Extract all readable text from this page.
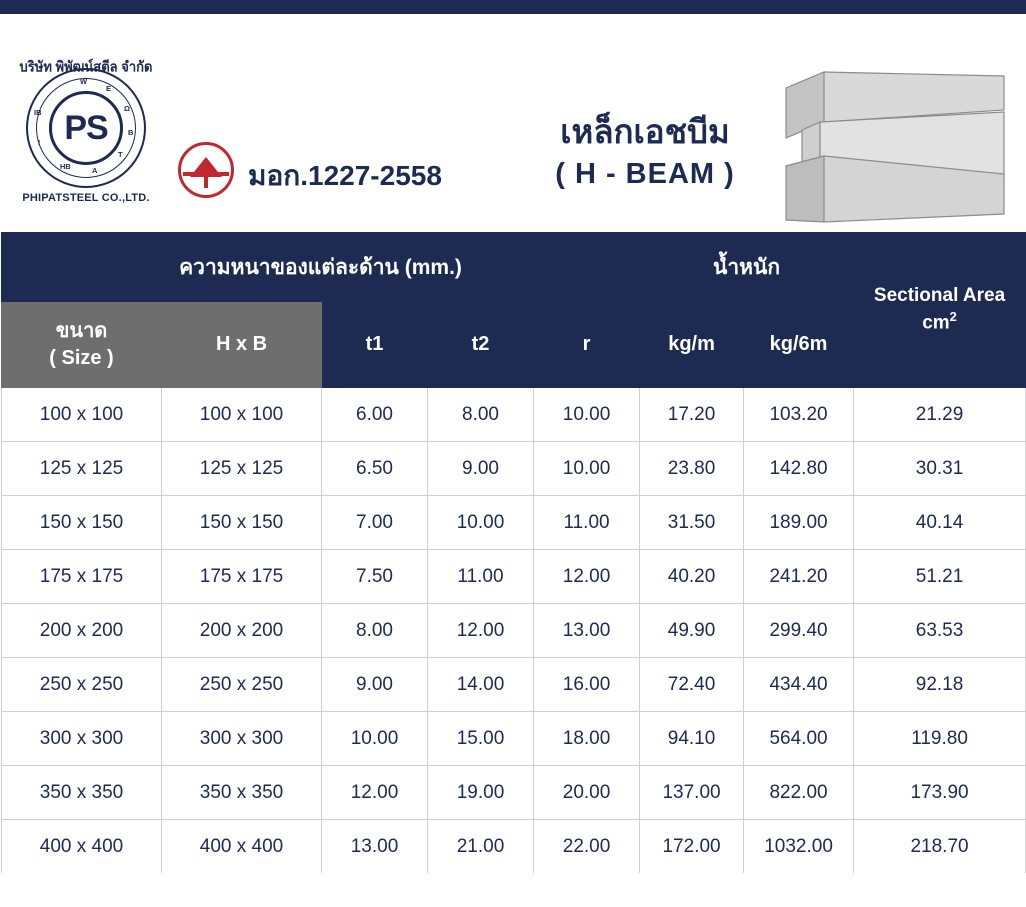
บริษัท พิพัฒน์สตีล จำกัด
W
E
Ω
B
T
A
HB
I
IB PS
PHIPATSTEEL CO.,LTD.
มอก.1227-2558
เหล็กเอชบีม
( H - BEAM )
ความหนาของแต่ละด้าน (mm.)					น้ำหนัก		Sectional Area
$cm^2$
ขนาด
( Size )	H x B	t1	t2	r	kg/m	kg/6m	
100 x 100	100 x 100	6.00	8.00	10.00	17.20	103.20	21.29
125 x 125	125 x 125	6.50	9.00	10.00	23.80	142.80	30.31
150 x 150	150 x 150	7.00	10.00	11.00	31.50	189.00	40.14
175 x 175	175 x 175	7.50	11.00	12.00	40.20	241.20	51.21
200 x 200	200 x 200	8.00	12.00	13.00	49.90	299.40	63.53
250 x 250	250 x 250	9.00	14.00	16.00	72.40	434.40	92.18
300 x 300	300 x 300	10.00	15.00	18.00	94.10	564.00	119.80
350 x 350	350 x 350	12.00	19.00	20.00	137.00	822.00	173.90
400 x 400	400 x 400	13.00	21.00	22.00	172.00	1032.00	218.70
